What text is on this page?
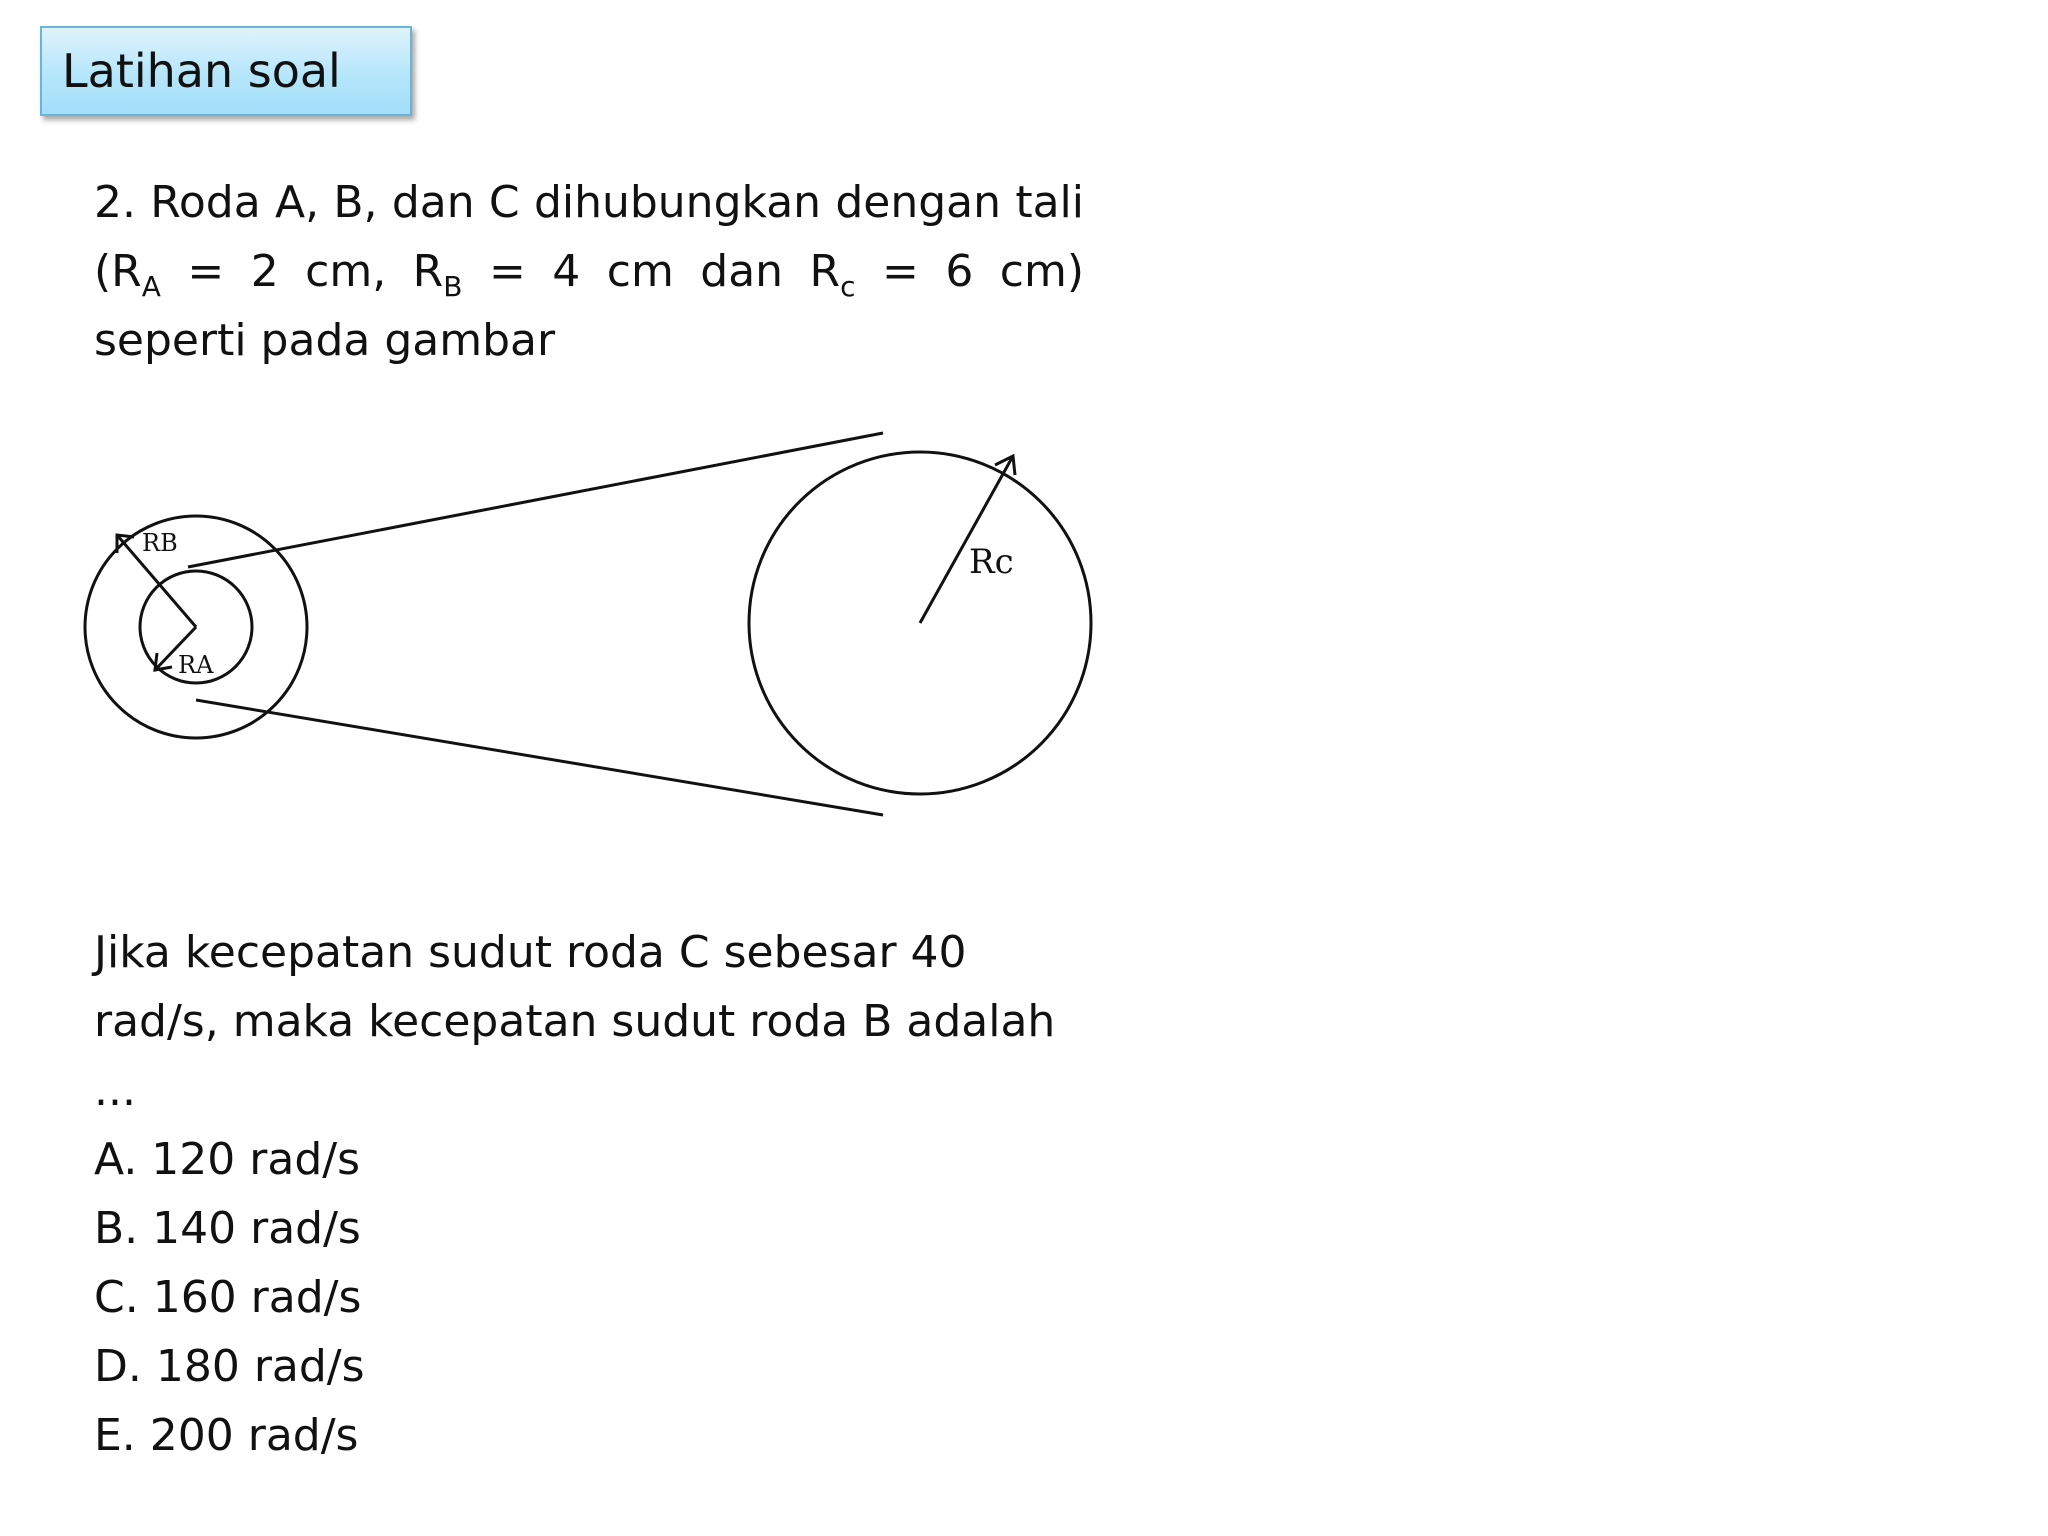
Latihan soal

2. Roda A, B, dan C dihubungkan dengan tali ($R_A = 2$ cm, $R_B = 4$ cm dan $R_c = 6$ cm) seperti pada gambar

RB
RA
Rc

Jika kecepatan sudut roda C sebesar 40 rad/s, maka kecepatan sudut roda B adalah ...

A. 120 rad/s
B. 140 rad/s
C. 160 rad/s
D. 180 rad/s
E. 200 rad/s
